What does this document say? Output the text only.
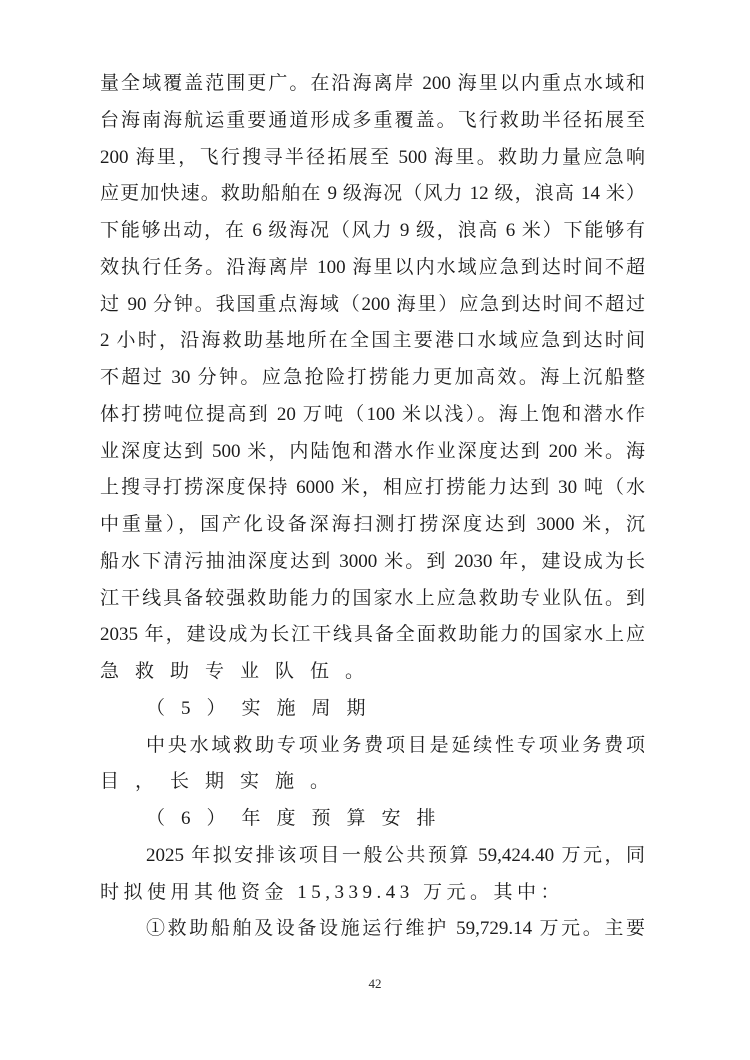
量全域覆盖范围更广。在沿海离岸 200 海里以内重点水域和
台海南海航运重要通道形成多重覆盖。飞行救助半径拓展至
200 海里，飞行搜寻半径拓展至 500 海里。救助力量应急响
应更加快速。救助船舶在 9 级海况（风力 12 级，浪高 14 米）
下能够出动，在 6 级海况（风力 9 级，浪高 6 米）下能够有
效执行任务。沿海离岸 100 海里以内水域应急到达时间不超
过 90 分钟。我国重点海域（200 海里）应急到达时间不超过
2 小时，沿海救助基地所在全国主要港口水域应急到达时间
不超过 30 分钟。应急抢险打捞能力更加高效。海上沉船整
体打捞吨位提高到 20 万吨（100 米以浅）。海上饱和潜水作
业深度达到 500 米，内陆饱和潜水作业深度达到 200 米。海
上搜寻打捞深度保持 6000 米，相应打捞能力达到 30 吨（水
中重量），国产化设备深海扫测打捞深度达到 3000 米，沉
船水下清污抽油深度达到 3000 米。到 2030 年，建设成为长
江干线具备较强救助能力的国家水上应急救助专业队伍。到
2035 年，建设成为长江干线具备全面救助能力的国家水上应
急救助专业队伍。
（5）实施周期
中央水域救助专项业务费项目是延续性专项业务费项
目，长期实施。
（6）年度预算安排
2025 年拟安排该项目一般公共预算 59,424.40 万元，同
时拟使用其他资金 15,339.43 万元。其中：
①救助船舶及设备设施运行维护 59,729.14 万元。主要
42
